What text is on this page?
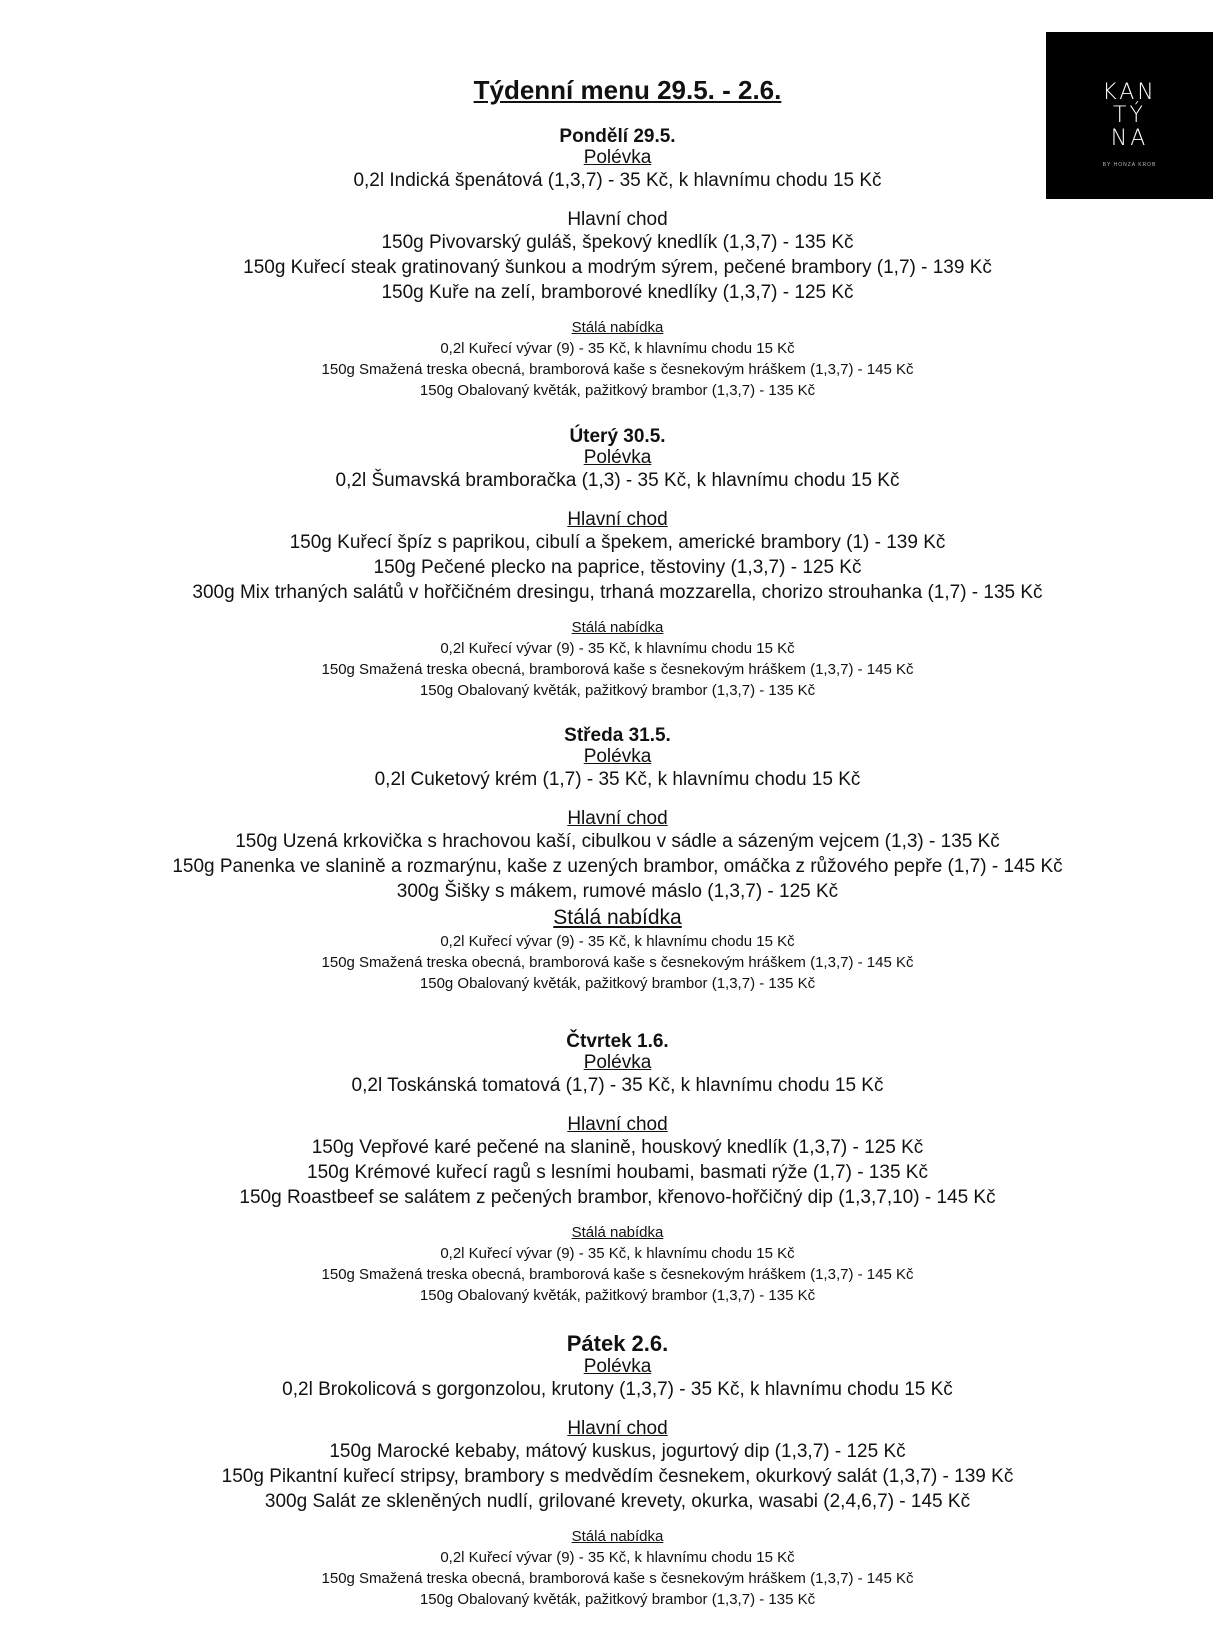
KAN
TÝ
NA
BY HONZA KROB
Týdenní menu 29.5. - 2.6.
Pondělí 29.5.
Polévka
0,2l Indická špenátová (1,3,7) - 35 Kč, k hlavnímu chodu 15 Kč
Hlavní chod
150g Pivovarský guláš, špekový knedlík (1,3,7) - 135 Kč
150g Kuřecí steak gratinovaný šunkou a modrým sýrem, pečené brambory (1,7) - 139 Kč
150g Kuře na zelí, bramborové knedlíky (1,3,7) - 125 Kč
Stálá nabídka
0,2l Kuřecí vývar (9) - 35 Kč, k hlavnímu chodu 15 Kč
150g Smažená treska obecná, bramborová kaše s česnekovým hráškem (1,3,7) - 145 Kč
150g Obalovaný květák, pažitkový brambor (1,3,7) - 135 Kč
Úterý 30.5.
Polévka
0,2l Šumavská bramboračka (1,3) - 35 Kč, k hlavnímu chodu 15 Kč
Hlavní chod
150g Kuřecí špíz s paprikou, cibulí a špekem, americké brambory (1) - 139 Kč
150g Pečené plecko na paprice, těstoviny (1,3,7) - 125 Kč
300g Mix trhaných salátů v hořčičném dresingu, trhaná mozzarella, chorizo strouhanka (1,7) - 135 Kč
Stálá nabídka
0,2l Kuřecí vývar (9) - 35 Kč, k hlavnímu chodu 15 Kč
150g Smažená treska obecná, bramborová kaše s česnekovým hráškem (1,3,7) - 145 Kč
150g Obalovaný květák, pažitkový brambor (1,3,7) - 135 Kč
Středa 31.5.
Polévka
0,2l Cuketový krém (1,7) - 35 Kč, k hlavnímu chodu 15 Kč
Hlavní chod
150g Uzená krkovička s hrachovou kaší, cibulkou v sádle a sázeným vejcem (1,3) - 135 Kč
150g Panenka ve slanině a rozmarýnu, kaše z uzených brambor, omáčka z růžového pepře (1,7) - 145 Kč
300g Šišky s mákem, rumové máslo (1,3,7) - 125 Kč
Stálá nabídka
0,2l Kuřecí vývar (9) - 35 Kč, k hlavnímu chodu 15 Kč
150g Smažená treska obecná, bramborová kaše s česnekovým hráškem (1,3,7) - 145 Kč
150g Obalovaný květák, pažitkový brambor (1,3,7) - 135 Kč
Čtvrtek 1.6.
Polévka
0,2l Toskánská tomatová (1,7) - 35 Kč, k hlavnímu chodu 15 Kč
Hlavní chod
150g Vepřové karé pečené na slanině, houskový knedlík (1,3,7) - 125 Kč
150g Krémové kuřecí ragů s lesními houbami, basmati rýže (1,7) - 135 Kč
150g Roastbeef se salátem z pečených brambor, křenovo-hořčičný dip (1,3,7,10) - 145 Kč
Stálá nabídka
0,2l Kuřecí vývar (9) - 35 Kč, k hlavnímu chodu 15 Kč
150g Smažená treska obecná, bramborová kaše s česnekovým hráškem (1,3,7) - 145 Kč
150g Obalovaný květák, pažitkový brambor (1,3,7) - 135 Kč
Pátek 2.6.
Polévka
0,2l Brokolicová s gorgonzolou, krutony (1,3,7) - 35 Kč, k hlavnímu chodu 15 Kč
Hlavní chod
150g Marocké kebaby, mátový kuskus, jogurtový dip (1,3,7) - 125 Kč
150g Pikantní kuřecí stripsy, brambory s medvědím česnekem, okurkový salát (1,3,7) - 139 Kč
300g Salát ze skleněných nudlí, grilované krevety, okurka, wasabi (2,4,6,7) - 145 Kč
Stálá nabídka
0,2l Kuřecí vývar (9) - 35 Kč, k hlavnímu chodu 15 Kč
150g Smažená treska obecná, bramborová kaše s česnekovým hráškem (1,3,7) - 145 Kč
150g Obalovaný květák, pažitkový brambor (1,3,7) - 135 Kč
